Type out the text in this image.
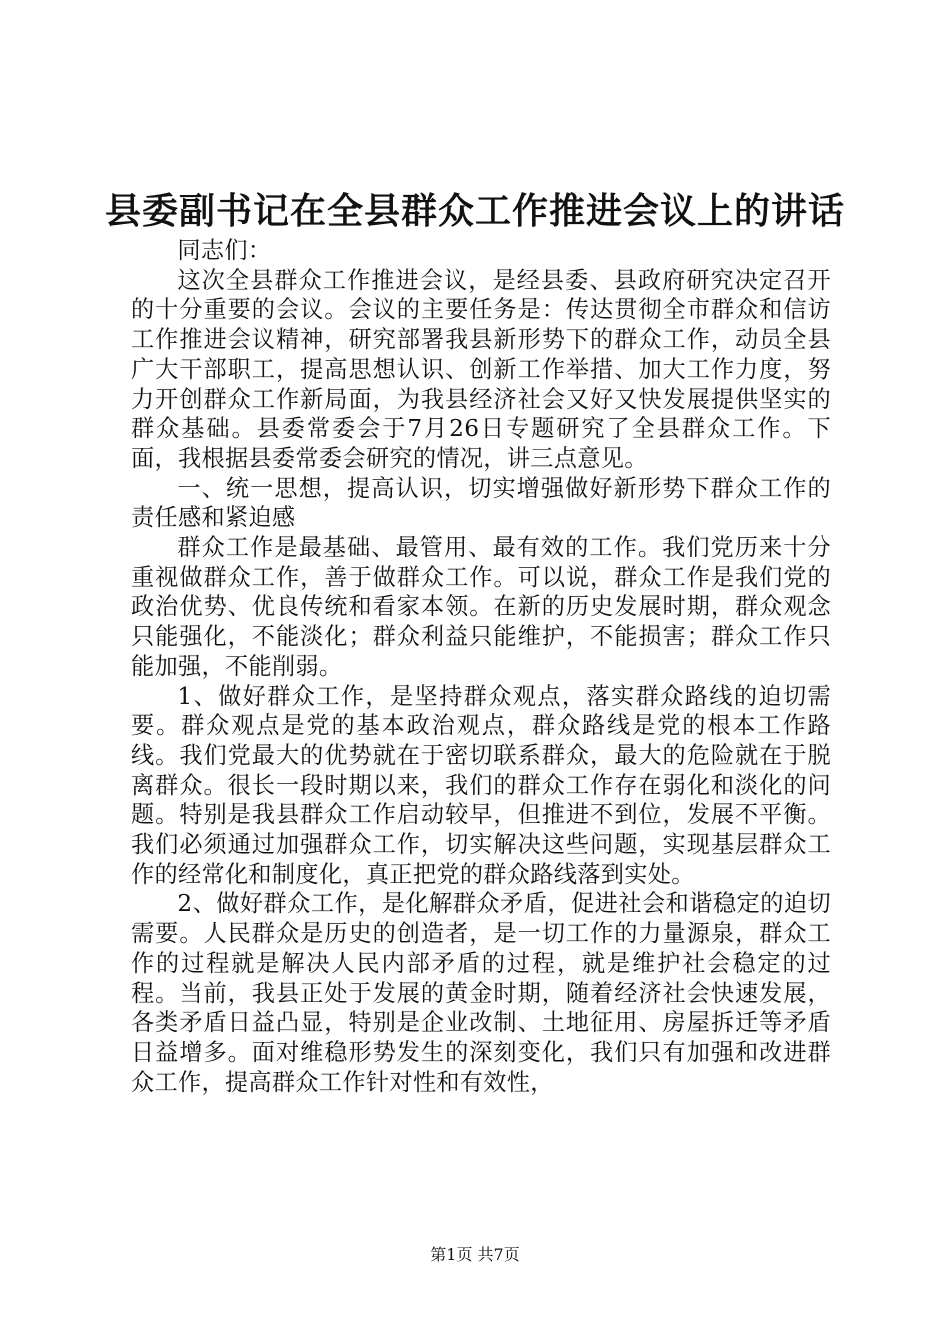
县委副书记在全县群众工作推进会议上的讲话

同志们：

这次全县群众工作推进会议，是经县委、县政府研究决定召开的十分重要的会议。会议的主要任务是：传达贯彻全市群众和信访工作推进会议精神，研究部署我县新形势下的群众工作，动员全县广大干部职工，提高思想认识、创新工作举措、加大工作力度，努力开创群众工作新局面，为我县经济社会又好又快发展提供坚实的群众基础。县委常委会于7月26日专题研究了全县群众工作。下面，我根据县委常委会研究的情况，讲三点意见。

一、统一思想，提高认识，切实增强做好新形势下群众工作的责任感和紧迫感

群众工作是最基础、最管用、最有效的工作。我们党历来十分重视做群众工作，善于做群众工作。可以说，群众工作是我们党的政治优势、优良传统和看家本领。在新的历史发展时期，群众观念只能强化，不能淡化；群众利益只能维护，不能损害；群众工作只能加强，不能削弱。

1、做好群众工作，是坚持群众观点，落实群众路线的迫切需要。群众观点是党的基本政治观点，群众路线是党的根本工作路线。我们党最大的优势就在于密切联系群众，最大的危险就在于脱离群众。很长一段时期以来，我们的群众工作存在弱化和淡化的问题。特别是我县群众工作启动较早，但推进不到位，发展不平衡。我们必须通过加强群众工作，切实解决这些问题，实现基层群众工作的经常化和制度化，真正把党的群众路线落到实处。

2、做好群众工作，是化解群众矛盾，促进社会和谐稳定的迫切需要。人民群众是历史的创造者，是一切工作的力量源泉，群众工作的过程就是解决人民内部矛盾的过程，就是维护社会稳定的过程。当前，我县正处于发展的黄金时期，随着经济社会快速发展，各类矛盾日益凸显，特别是企业改制、土地征用、房屋拆迁等矛盾日益增多。面对维稳形势发生的深刻变化，我们只有加强和改进群众工作，提高群众工作针对性和有效性，

第1页 共7页
